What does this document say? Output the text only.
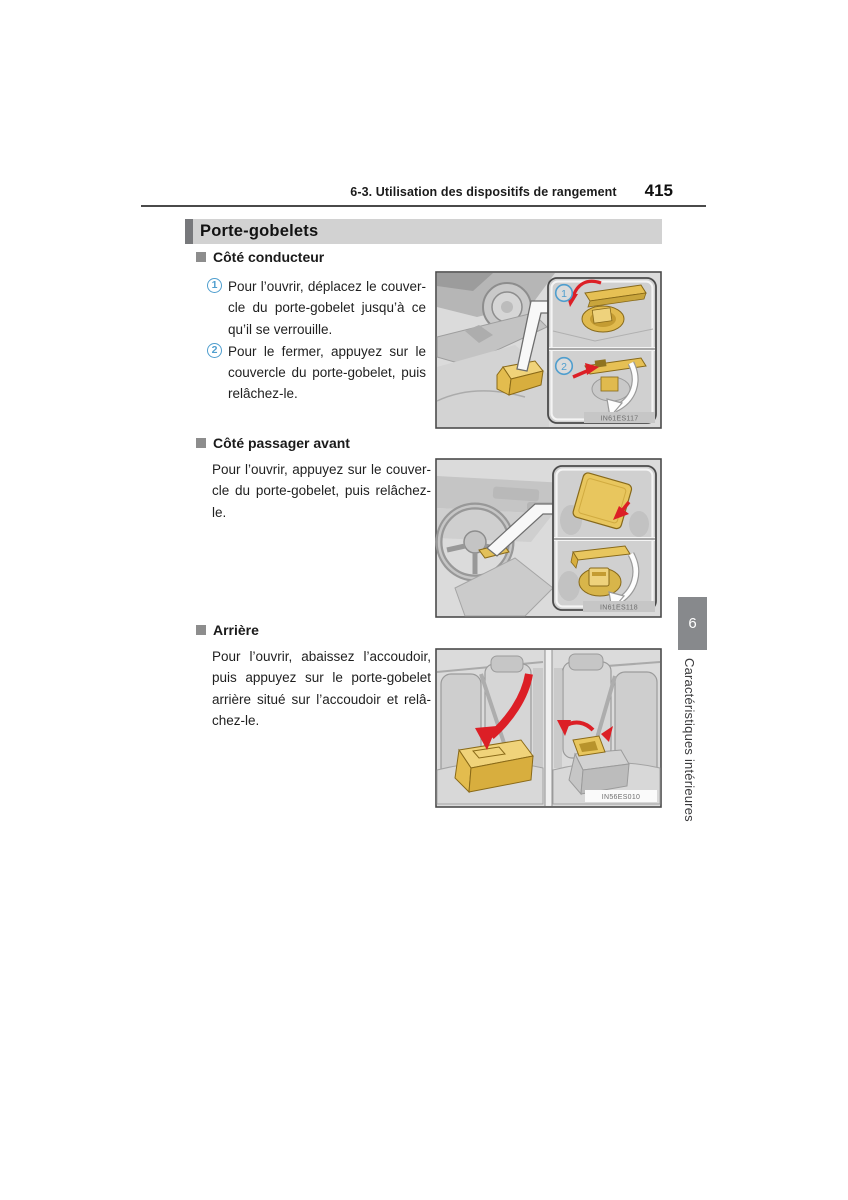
6-3. Utilisation des dispositifs de rangement 415
Porte-gobelets
Côté conducteur
1 Pour l’ouvrir, déplacez le couver-
cle du porte-gobelet jusqu’à ce
qu’il se verrouille.
2 Pour le fermer, appuyez sur le
couvercle du porte-gobelet, puis
relâchez-le.
1
2
IN61ES117
Côté passager avant
Pour l’ouvrir, appuyez sur le couver-
cle du porte-gobelet, puis relâchez-
le.
IN61ES118
Arrière
Pour l’ouvrir, abaissez l’accoudoir,
puis appuyez sur le porte-gobelet
arrière situé sur l’accoudoir et relâ-
chez-le.
IN56ES010
6
Caractéristiques intérieures
